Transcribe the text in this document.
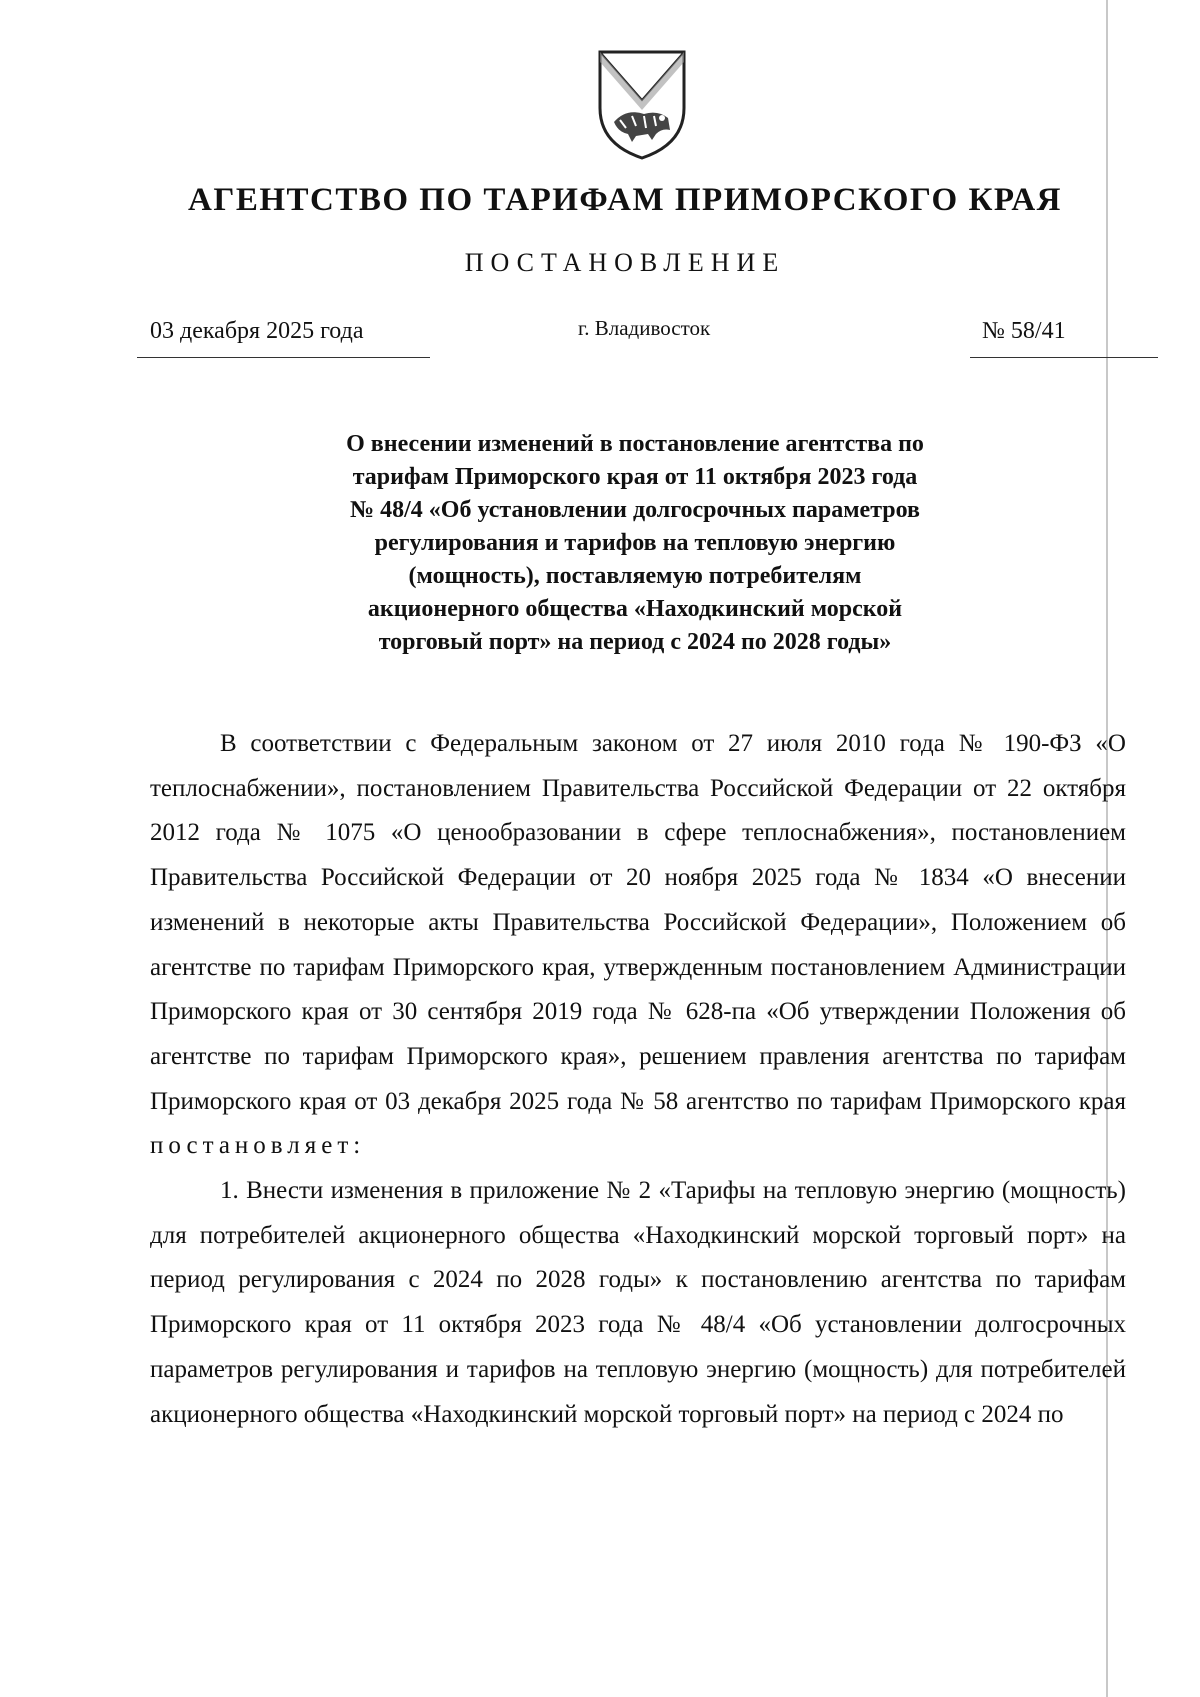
АГЕНТСТВО ПО ТАРИФАМ ПРИМОРСКОГО КРАЯ
ПОСТАНОВЛЕНИЕ
03 декабря 2025 года	г. Владивосток	№ 58/41
О внесении изменений в постановление агентства по
тарифам Приморского края от 11 октября 2023 года
№ 48/4 «Об установлении долгосрочных параметров
регулирования и тарифов на тепловую энергию
(мощность), поставляемую потребителям
акционерного общества «Находкинский морской
торговый порт» на период с 2024 по 2028 годы»

В соответствии с Федеральным законом от 27 июля 2010 года № 190-ФЗ «О теплоснабжении», постановлением Правительства Российской Федерации от 22 октября 2012 года № 1075 «О ценообразовании в сфере теплоснабжения», постановлением Правительства Российской Федерации от 20 ноября 2025 года № 1834 «О внесении изменений в некоторые акты Правительства Российской Федерации», Положением об агентстве по тарифам Приморского края, утвержденным постановлением Администрации Приморского края от 30 сентября 2019 года № 628-па «Об утверждении Положения об агентстве по тарифам Приморского края», решением правления агентства по тарифам Приморского края от 03 декабря 2025 года № 58 агентство по тарифам Приморского края постановляет:

1. Внести изменения в приложение № 2 «Тарифы на тепловую энергию (мощность) для потребителей акционерного общества «Находкинский морской торговый порт» на период регулирования с 2024 по 2028 годы» к постановлению агентства по тарифам Приморского края от 11 октября 2023 года № 48/4 «Об установлении долгосрочных параметров регулирования и тарифов на тепловую энергию (мощность) для потребителей акционерного общества «Находкинский морской торговый порт» на период с 2024 по
